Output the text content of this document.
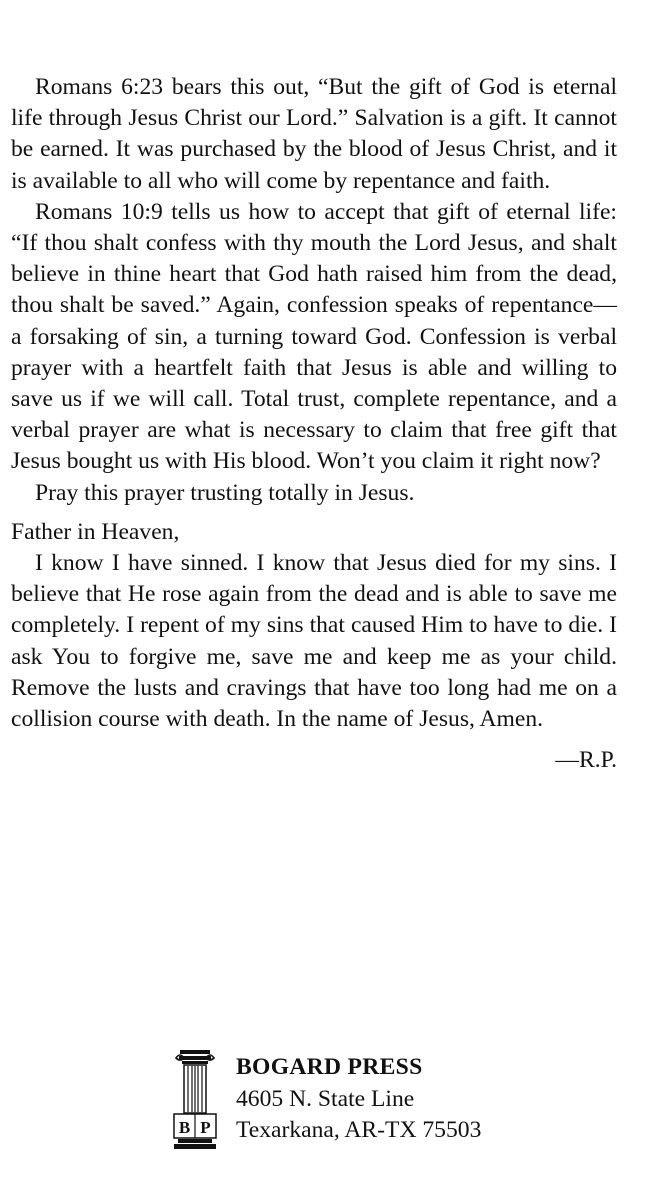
Romans 6:23 bears this out, “But the gift of God is eternal life through Jesus Christ our Lord.” Salvation is a gift. It cannot be earned. It was purchased by the blood of Jesus Christ, and it is available to all who will come by repentance and faith.

Romans 10:9 tells us how to accept that gift of eternal life: “If thou shalt confess with thy mouth the Lord Jesus, and shalt believe in thine heart that God hath raised him from the dead, thou shalt be saved.” Again, confession speaks of repentance—a forsaking of sin, a turning toward God. Confession is verbal prayer with a heartfelt faith that Jesus is able and willing to save us if we will call. Total trust, complete repentance, and a verbal prayer are what is necessary to claim that free gift that Jesus bought us with His blood. Won’t you claim it right now?

Pray this prayer trusting totally in Jesus.

Father in Heaven,

I know I have sinned. I know that Jesus died for my sins. I believe that He rose again from the dead and is able to save me completely. I repent of my sins that caused Him to have to die. I ask You to forgive me, save me and keep me as your child. Remove the lusts and cravings that have too long had me on a collision course with death. In the name of Jesus, Amen.

—R.P.

B P
BOGARD PRESS
4605 N. State Line
Texarkana, AR-TX 75503
